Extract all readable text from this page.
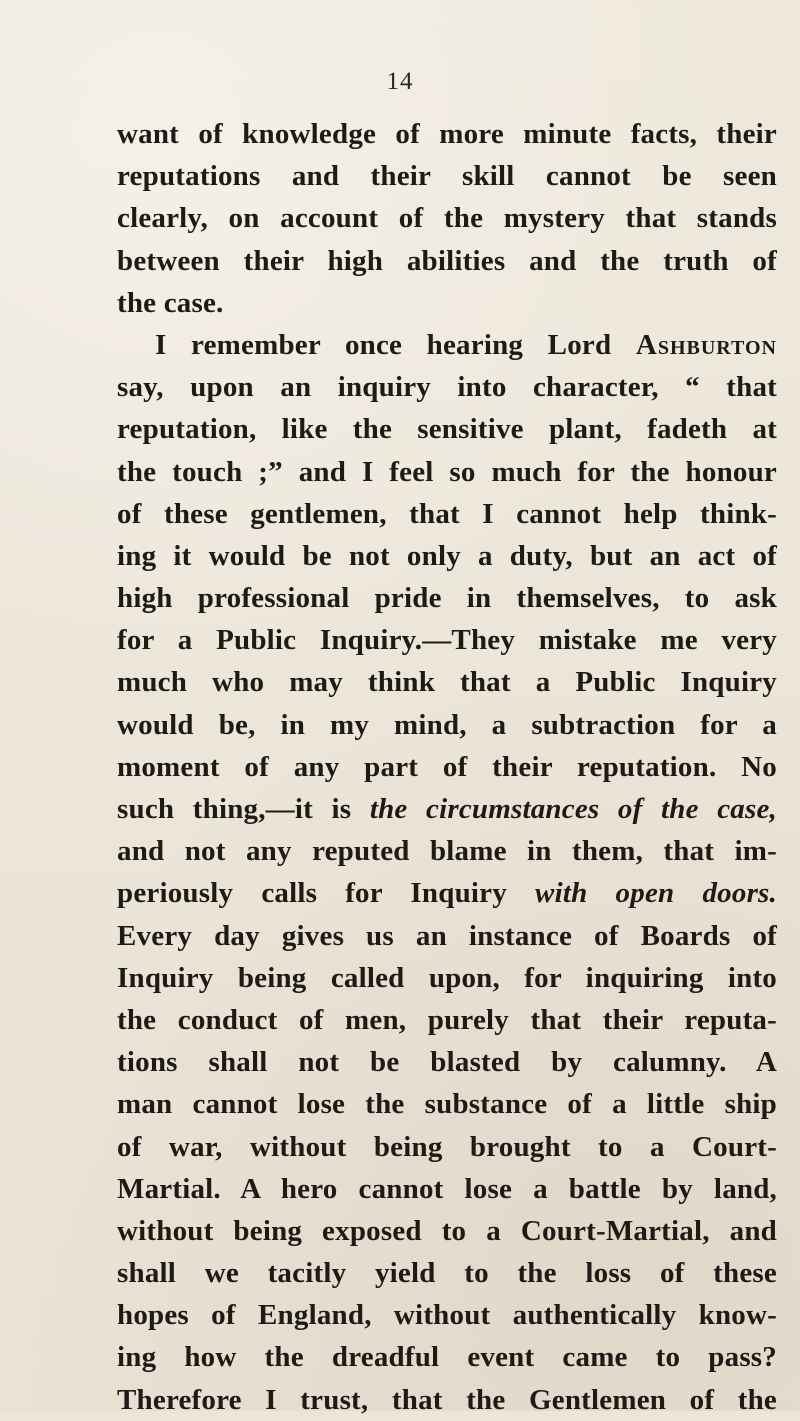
14
want of knowledge of more minute facts, their
reputations and their skill cannot be seen
clearly, on account of the mystery that stands
between their high abilities and the truth of
the case.
I remember once hearing Lord Ashburton
say, upon an inquiry into character, “ that
reputation, like the sensitive plant, fadeth at
the touch ;” and I feel so much for the honour
of these gentlemen, that I cannot help think-
ing it would be not only a duty, but an act of
high professional pride in themselves, to ask
for a Public Inquiry.—They mistake me very
much who may think that a Public Inquiry
would be, in my mind, a subtraction for a
moment of any part of their reputation. No
such thing,—it is the circumstances of the case,
and not any reputed blame in them, that im-
periously calls for Inquiry with open doors.
Every day gives us an instance of Boards of
Inquiry being called upon, for inquiring into
the conduct of men, purely that their reputa-
tions shall not be blasted by calumny. A
man cannot lose the substance of a little ship
of war, without being brought to a Court-
Martial. A hero cannot lose a battle by land,
without being exposed to a Court-Martial, and
shall we tacitly yield to the loss of these
hopes of England, without authentically know-
ing how the dreadful event came to pass?
Therefore I trust, that the Gentlemen of the
